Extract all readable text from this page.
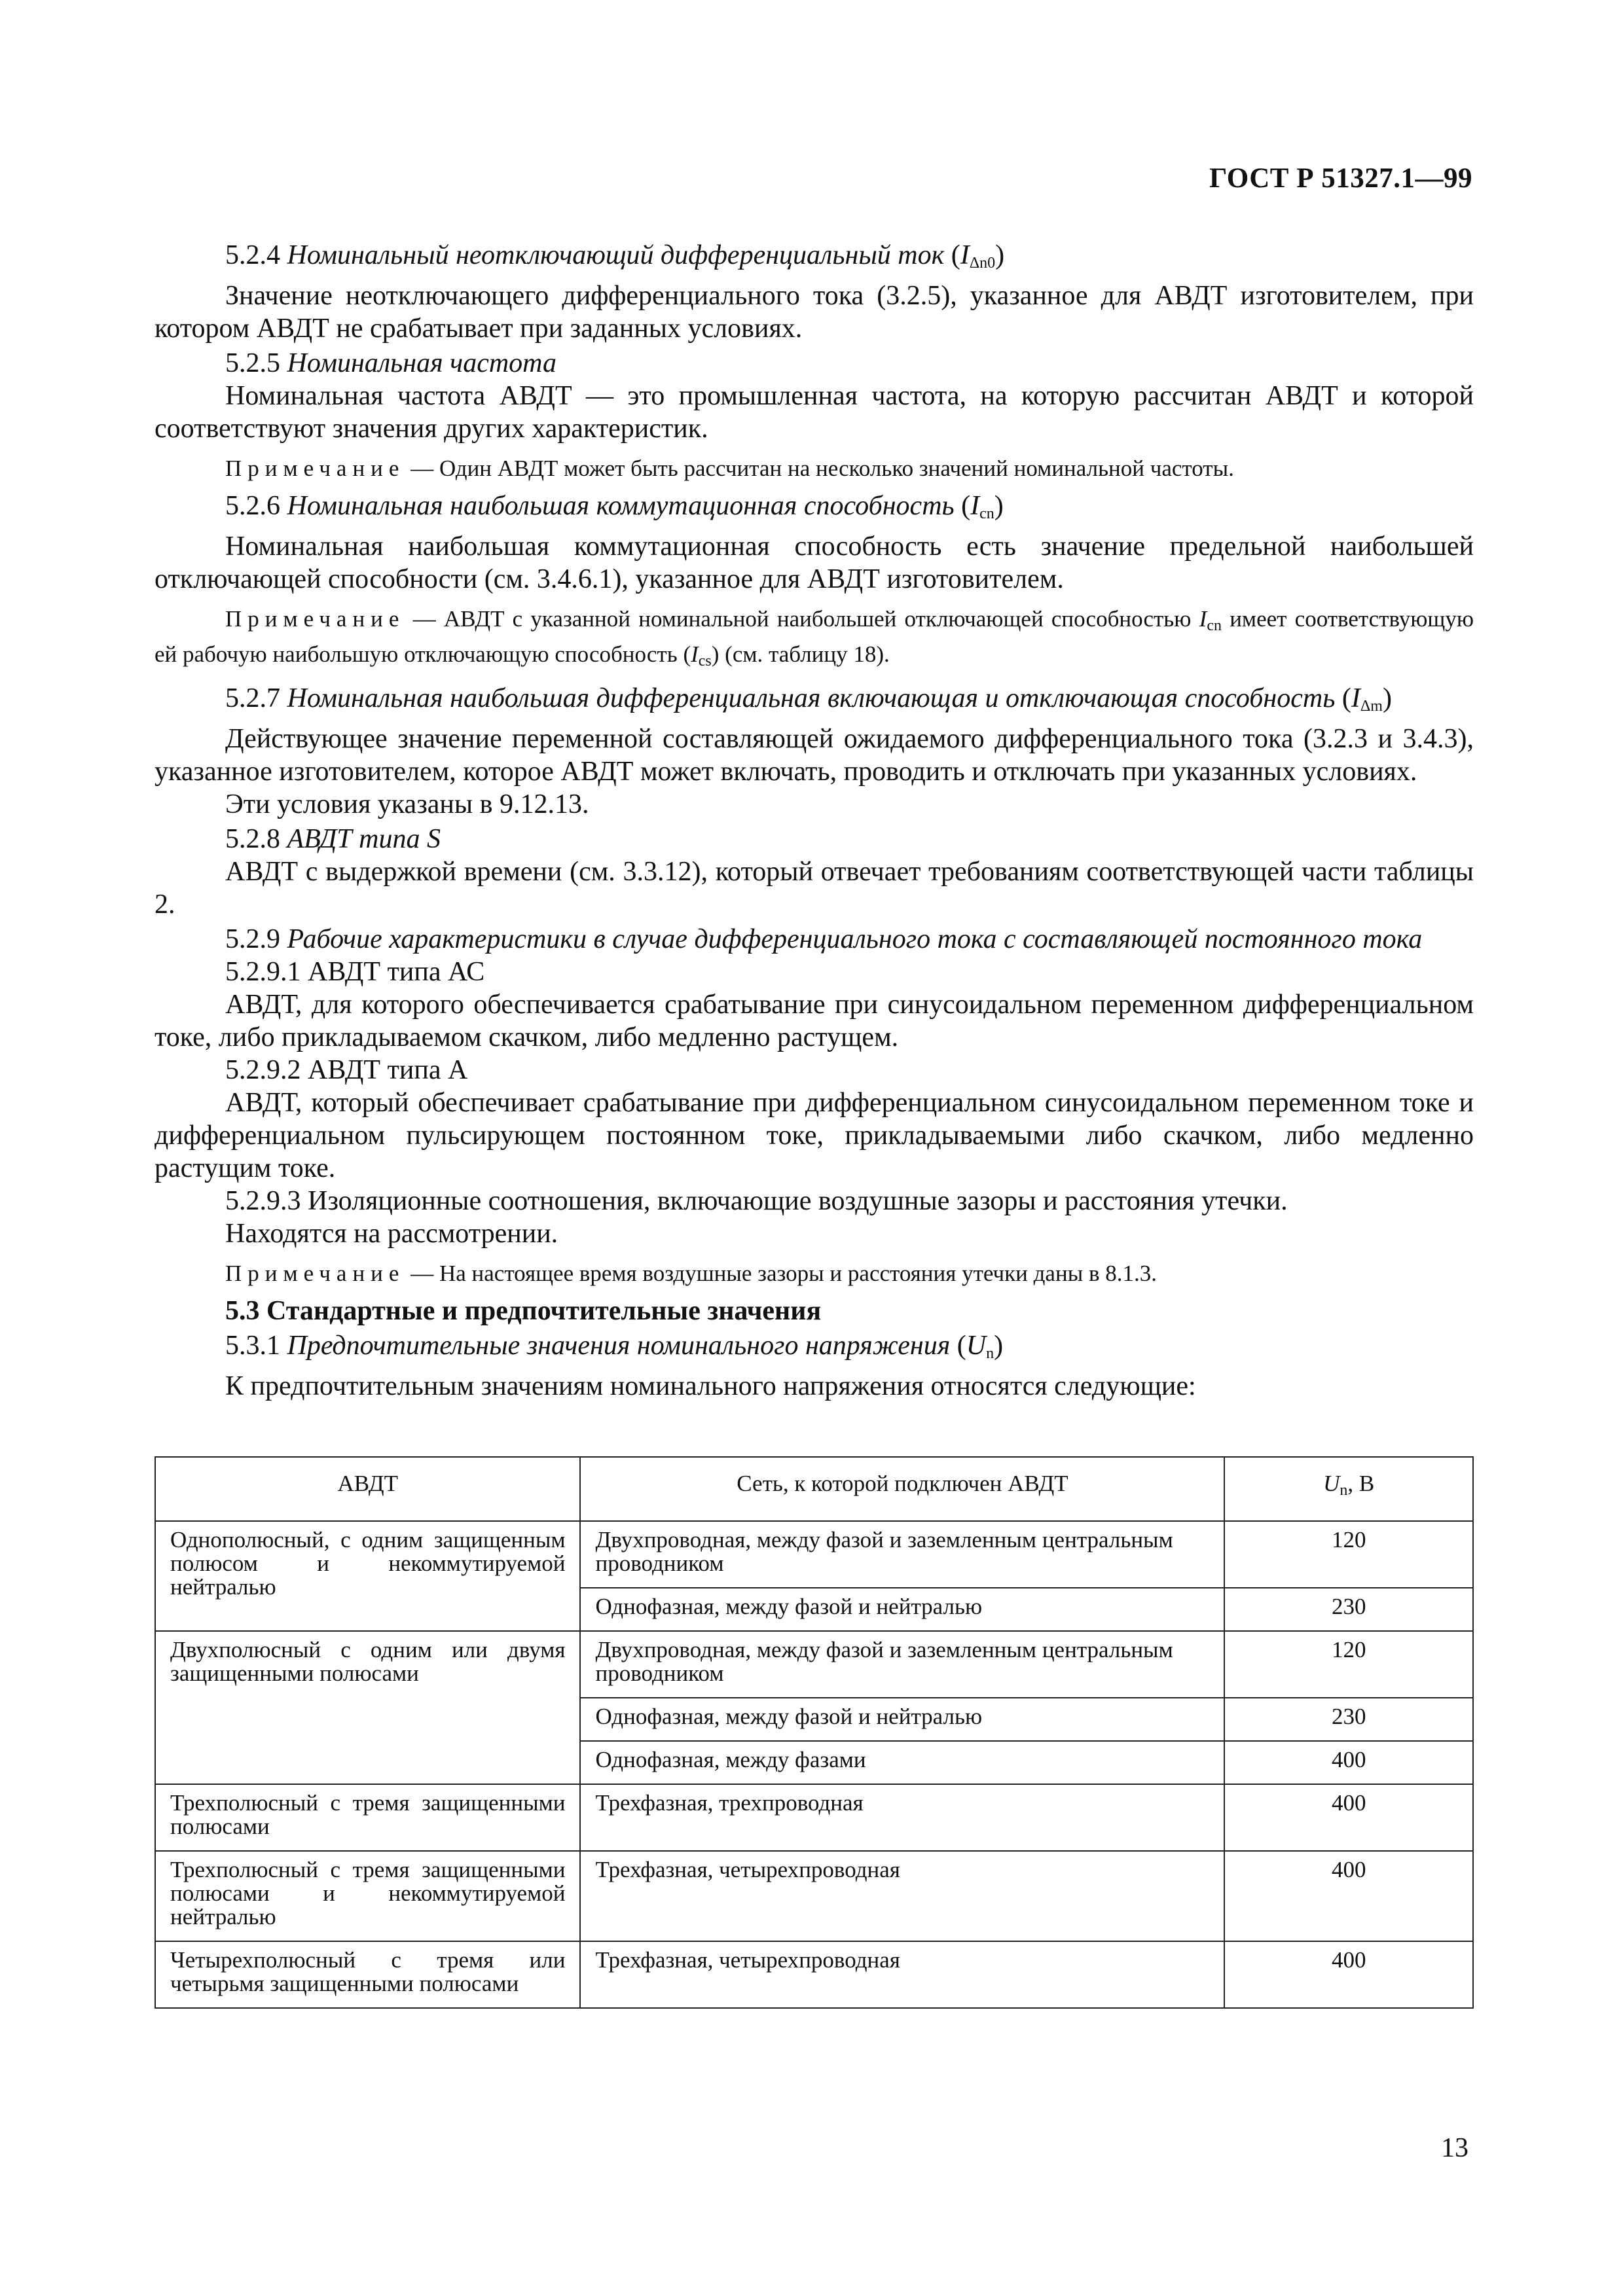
ГОСТ Р 51327.1—99

5.2.4 Номинальный неотключающий дифференциальный ток $(I_{\Delta n0})$

Значение неотключающего дифференциального тока (3.2.5), указанное для АВДТ изготовителем, при котором АВДТ не срабатывает при заданных условиях.

5.2.5 Номинальная частота

Номинальная частота АВДТ — это промышленная частота, на которую рассчитан АВДТ и которой соответствуют значения других характеристик.

Примечание — Один АВДТ может быть рассчитан на несколько значений номинальной частоты.

5.2.6 Номинальная наибольшая коммутационная способность $(I_{cn})$

Номинальная наибольшая коммутационная способность есть значение предельной наибольшей отключающей способности (см. 3.4.6.1), указанное для АВДТ изготовителем.

Примечание — АВДТ с указанной номинальной наибольшей отключающей способностью $I_{cn}$ имеет соответствующую ей рабочую наибольшую отключающую способность $(I_{cs})$ (см. таблицу 18).

5.2.7 Номинальная наибольшая дифференциальная включающая и отключающая способность $(I_{\Delta m})$

Действующее значение переменной составляющей ожидаемого дифференциального тока (3.2.3 и 3.4.3), указанное изготовителем, которое АВДТ может включать, проводить и отключать при указанных условиях.

Эти условия указаны в 9.12.13.

5.2.8 АВДТ типа S

АВДТ с выдержкой времени (см. 3.3.12), который отвечает требованиям соответствующей части таблицы 2.

5.2.9 Рабочие характеристики в случае дифференциального тока с составляющей постоянного тока

5.2.9.1 АВДТ типа АС

АВДТ, для которого обеспечивается срабатывание при синусоидальном переменном дифференциальном токе, либо прикладываемом скачком, либо медленно растущем.

5.2.9.2 АВДТ типа А

АВДТ, который обеспечивает срабатывание при дифференциальном синусоидальном переменном токе и дифференциальном пульсирующем постоянном токе, прикладываемыми либо скачком, либо медленно растущим токе.

5.2.9.3 Изоляционные соотношения, включающие воздушные зазоры и расстояния утечки.

Находятся на рассмотрении.

Примечание — На настоящее время воздушные зазоры и расстояния утечки даны в 8.1.3.

5.3 Стандартные и предпочтительные значения

5.3.1 Предпочтительные значения номинального напряжения $(U_n)$

К предпочтительным значениям номинального напряжения относятся следующие:

АВДТ	Сеть, к которой подключен АВДТ	$U_n$, В
Однополюсный, с одним защищенным полюсом и некоммутируемой нейтралью	Двухпроводная, между фазой и заземленным центральным проводником	120
	Однофазная, между фазой и нейтралью	230
Двухполюсный с одним или двумя защищенными полюсами	Двухпроводная, между фазой и заземленным центральным проводником	120
	Однофазная, между фазой и нейтралью	230
	Однофазная, между фазами	400
Трехполюсный с тремя защищенными полюсами	Трехфазная, трехпроводная	400
Трехполюсный с тремя защищенными полюсами и некоммутируемой нейтралью	Трехфазная, четырехпроводная	400
Четырехполюсный с тремя или четырьмя защищенными полюсами	Трехфазная, четырехпроводная	400
13
